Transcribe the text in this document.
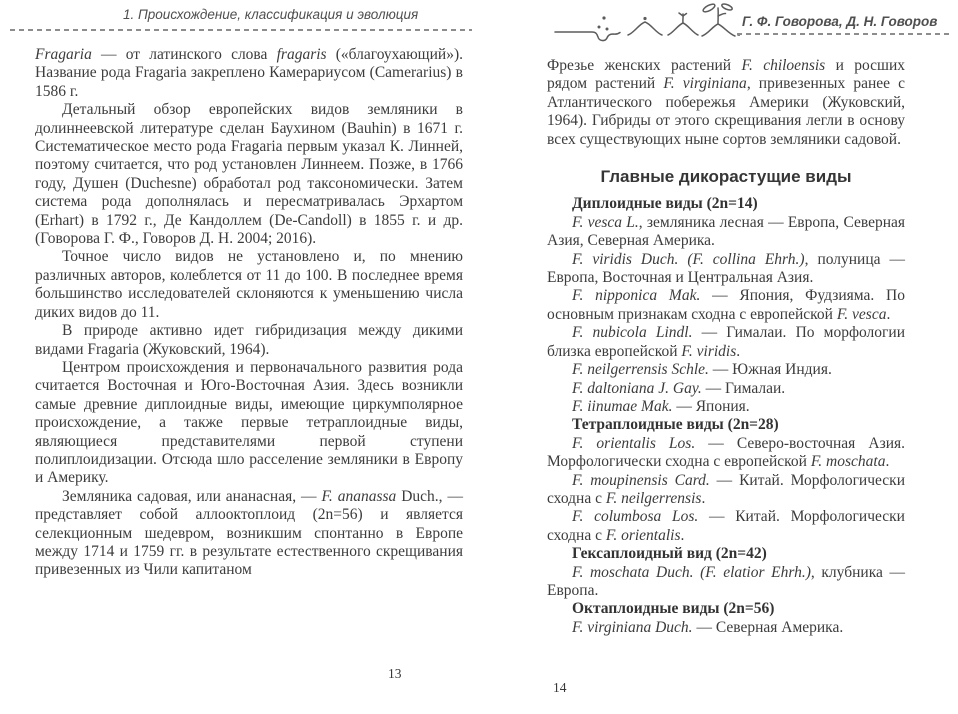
1. Происхождение, классификация и эволюция

Fragaria — от латинского слова fragaris («благоухающий»). Название рода Fragaria закреплено Камерариусом (Camerarius) в 1586 г.

Детальный обзор европейских видов земляники в долиннеевской литературе сделан Баухином (Bauhin) в 1671 г. Систематическое место рода Fragaria первым указал К. Линней, поэтому считается, что род установлен Линнеем. Позже, в 1766 году, Душен (Duchesne) обработал род таксономически. Затем система рода дополнялась и пересматривалась Эрхартом (Erhart) в 1792 г., Де Кандоллем (De-Candoll) в 1855 г. и др. (Говорова Г. Ф., Говоров Д. Н. 2004; 2016).

Точное число видов не установлено и, по мнению различных авторов, колеблется от 11 до 100. В последнее время большинство исследователей склоняются к уменьшению числа диких видов до 11.

В природе активно идет гибридизация между дикими видами Fragaria (Жуковский, 1964).

Центром происхождения и первоначального развития рода считается Восточная и Юго-Восточная Азия. Здесь возникли самые древние диплоидные виды, имеющие циркумполярное происхождение, а также первые тетраплоидные виды, являющиеся представителями первой ступени полиплоидизации. Отсюда шло расселение земляники в Европу и Америку.

Земляника садовая, или ананасная, — F. ananassa Duch., — представляет собой аллооктоплоид (2n=56) и является селекционным шедевром, возникшим спонтанно в Европе между 1714 и 1759 гг. в результате естественного скрещивания привезенных из Чили капитаном

13
Г. Ф. Говорова, Д. Н. Говоров

Фрезье женских растений F. chiloensis и росших рядом растений F. virginiana, привезенных ранее с Атлантического побережья Америки (Жуковский, 1964). Гибриды от этого скрещивания легли в основу всех существующих ныне сортов земляники садовой.

Главные дикорастущие виды

Диплоидные виды (2n=14)

F. vesca L., земляника лесная — Европа, Северная Азия, Северная Америка.

F. viridis Duch. (F. collina Ehrh.), полуница — Европа, Восточная и Центральная Азия.

F. nipponica Mak. — Япония, Фудзияма. По основным признакам сходна с европейской F. vesca.

F. nubicola Lindl. — Гималаи. По морфологии близка европейской F. viridis.

F. neilgerrensis Schle. — Южная Индия.

F. daltoniana J. Gay. — Гималаи.

F. iinumae Mak. — Япония.

Тетраплоидные виды (2n=28)

F. orientalis Los. — Северо-восточная Азия. Морфологически сходна с европейской F. moschata.

F. moupinensis Card. — Китай. Морфологически сходна с F. neilgerrensis.

F. columbosa Los. — Китай. Морфологически сходна с F. orientalis.

Гексаплоидный вид (2n=42)

F. moschata Duch. (F. elatior Ehrh.), клубника — Европа.

Октаплоидные виды (2n=56)

F. virginiana Duch. — Северная Америка.

14
